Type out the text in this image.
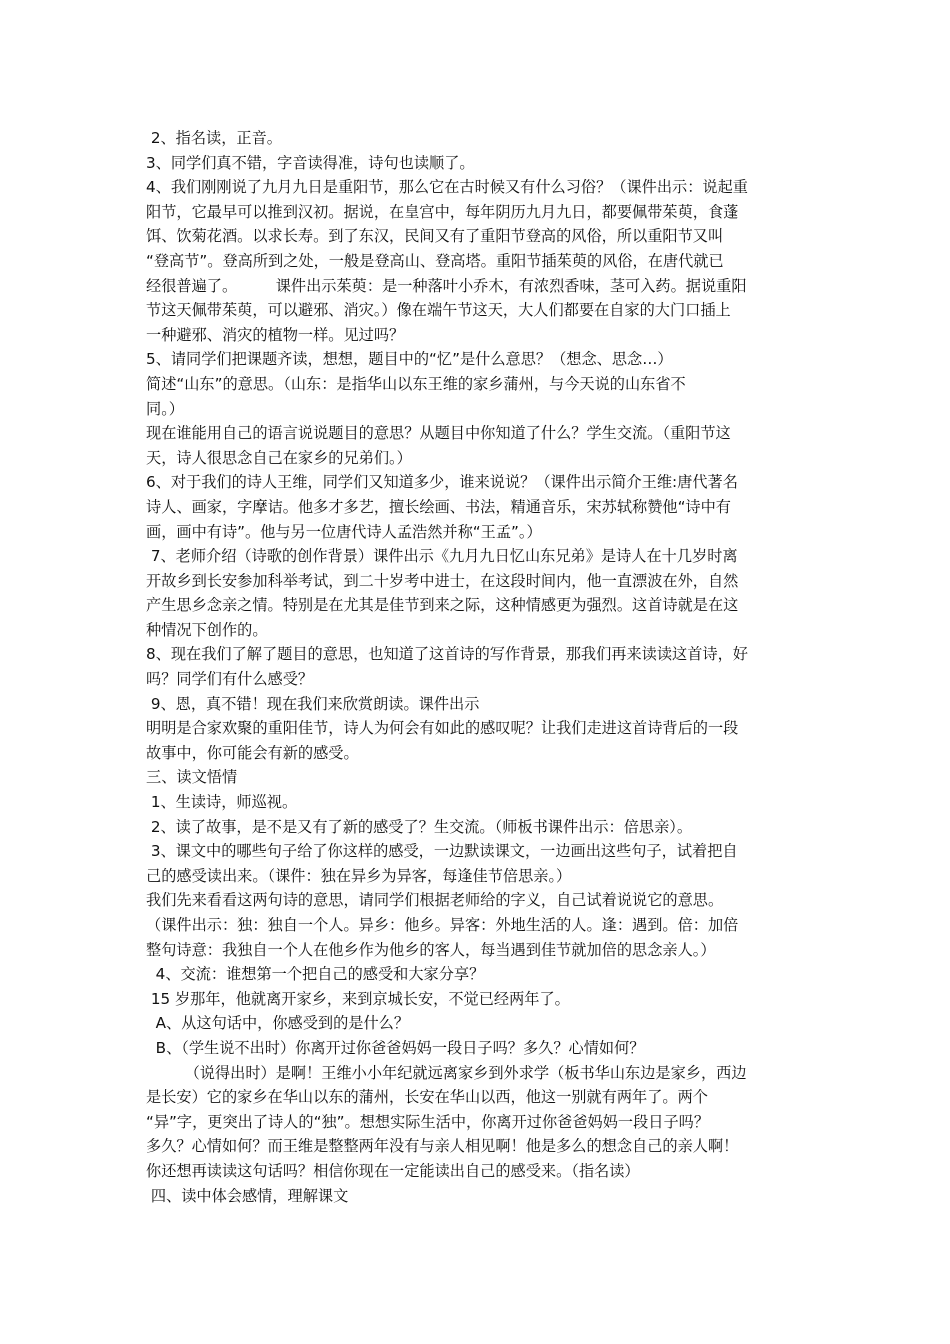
2、指名读，正音。

3、同学们真不错，字音读得准，诗句也读顺了。

4、我们刚刚说了九月九日是重阳节，那么它在古时候又有什么习俗？（课件出示：说起重

阳节，它最早可以推到汉初。据说，在皇宫中，每年阴历九月九日，都要佩带茱萸，食蓬

饵、饮菊花酒。以求长寿。到了东汉，民间又有了重阳节登高的风俗，所以重阳节又叫

“登高节”。登高所到之处，一般是登高山、登高塔。重阳节插茱萸的风俗，在唐代就已

经很普遍了。        课件出示茱萸：是一种落叶小乔木，有浓烈香味，茎可入药。据说重阳

节这天佩带茱萸，可以避邪、消灾。）像在端午节这天，大人们都要在自家的大门口插上

一种避邪、消灾的植物一样。见过吗？

5、请同学们把课题齐读，想想，题目中的“忆”是什么意思？（想念、思念…）

简述“山东”的意思。（山东：是指华山以东王维的家乡蒲州，与今天说的山东省不

同。）

现在谁能用自己的语言说说题目的意思？从题目中你知道了什么？学生交流。（重阳节这

天，诗人很思念自己在家乡的兄弟们。）

6、对于我们的诗人王维，同学们又知道多少，谁来说说？（课件出示简介王维:唐代著名

诗人、画家，字摩诘。他多才多艺，擅长绘画、书法，精通音乐，宋苏轼称赞他“诗中有

画，画中有诗”。他与另一位唐代诗人孟浩然并称“王孟”。）

7、老师介绍（诗歌的创作背景）课件出示《九月九日忆山东兄弟》是诗人在十几岁时离

开故乡到长安参加科举考试，到二十岁考中进士，在这段时间内，他一直漂波在外，自然

产生思乡念亲之情。特别是在尤其是佳节到来之际，这种情感更为强烈。这首诗就是在这

种情况下创作的。

8、现在我们了解了题目的意思，也知道了这首诗的写作背景，那我们再来读读这首诗，好

吗？同学们有什么感受？

9、恩，真不错！现在我们来欣赏朗读。课件出示

明明是合家欢聚的重阳佳节，诗人为何会有如此的感叹呢？让我们走进这首诗背后的一段

故事中，你可能会有新的感受。

三、读文悟情

1、生读诗，师巡视。

2、读了故事，是不是又有了新的感受了？生交流。（师板书课件出示：倍思亲）。

3、课文中的哪些句子给了你这样的感受，一边默读课文，一边画出这些句子，试着把自

己的感受读出来。（课件：独在异乡为异客，每逢佳节倍思亲。）

我们先来看看这两句诗的意思，请同学们根据老师给的字义，自己试着说说它的意思。

（课件出示：独：独自一个人。异乡：他乡。异客：外地生活的人。逢：遇到。倍：加倍

整句诗意：我独自一个人在他乡作为他乡的客人，每当遇到佳节就加倍的思念亲人。）

4、交流：谁想第一个把自己的感受和大家分享？

15 岁那年，他就离开家乡，来到京城长安，不觉已经两年了。

A、从这句话中，你感受到的是什么？

B、（学生说不出时）你离开过你爸爸妈妈一段日子吗？多久？心情如何？

（说得出时）是啊！王维小小年纪就远离家乡到外求学（板书华山东边是家乡，西边

是长安）它的家乡在华山以东的蒲州，长安在华山以西，他这一别就有两年了。两个

“异”字，更突出了诗人的“独”。想想实际生活中，你离开过你爸爸妈妈一段日子吗？

多久？心情如何？而王维是整整两年没有与亲人相见啊！他是多么的想念自己的亲人啊！

你还想再读读这句话吗？相信你现在一定能读出自己的感受来。（指名读）

四、读中体会感情，理解课文
